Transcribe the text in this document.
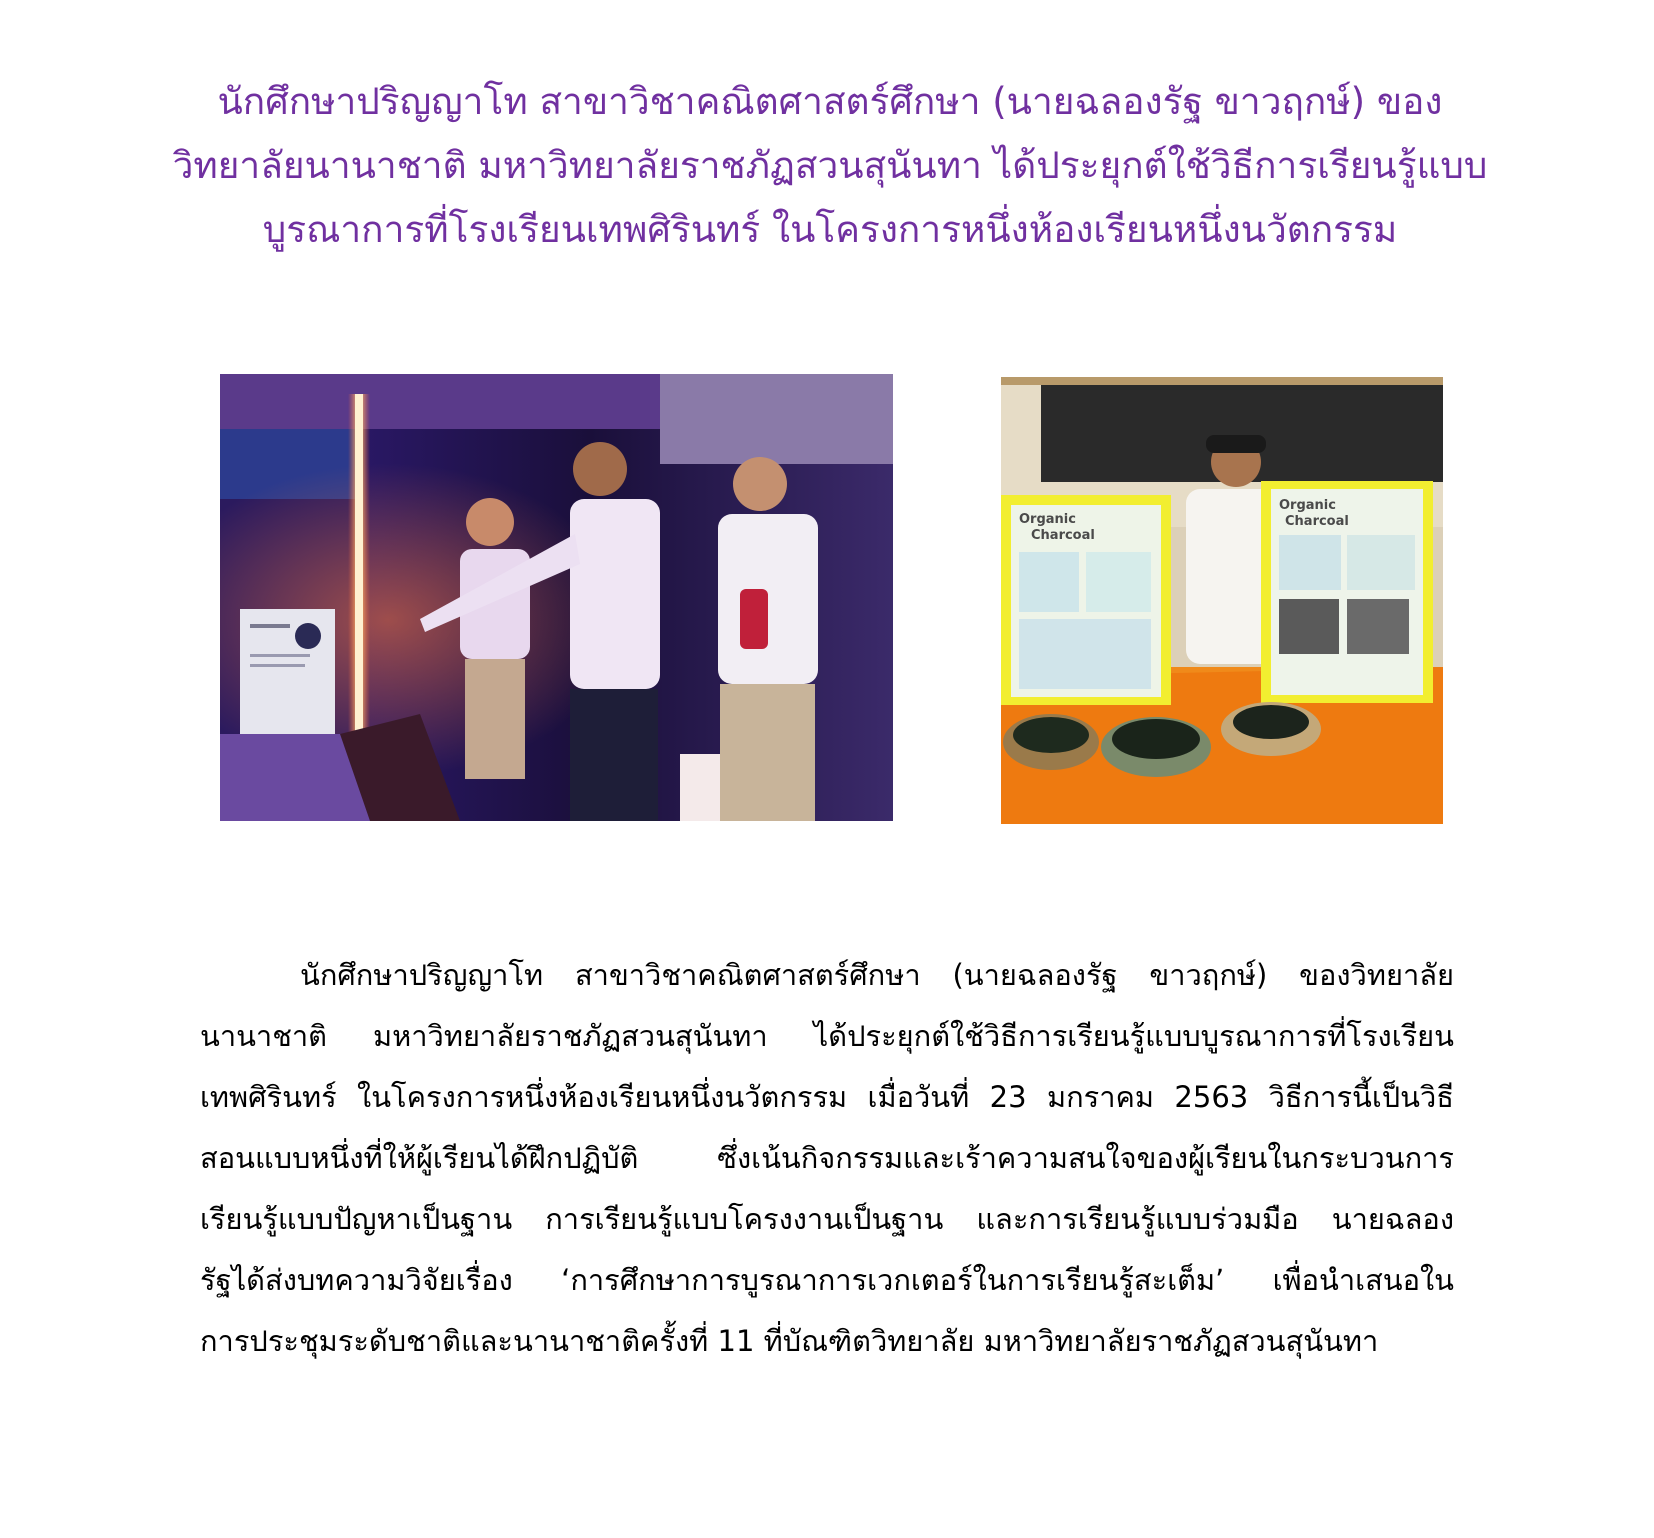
นักศึกษาปริญญาโท สาขาวิชาคณิตศาสตร์ศึกษา (นายฉลองรัฐ ขาวฤกษ์) ของ
วิทยาลัยนานาชาติ มหาวิทยาลัยราชภัฏสวนสุนันทา ได้ประยุกต์ใช้วิธีการเรียนรู้แบบ
บูรณาการที่โรงเรียนเทพศิรินทร์ ในโครงการหนึ่งห้องเรียนหนึ่งนวัตกรรม
Organic
Charcoal
Organic
Charcoal
นักศึกษาปริญญาโท สาขาวิชาคณิตศาสตร์ศึกษา (นายฉลองรัฐ ขาวฤกษ์) ของวิทยาลัย
นานาชาติ มหาวิทยาลัยราชภัฏสวนสุนันทา ได้ประยุกต์ใช้วิธีการเรียนรู้แบบบูรณาการที่โรงเรียน
เทพศิรินทร์ ในโครงการหนึ่งห้องเรียนหนึ่งนวัตกรรม เมื่อวันที่ 23 มกราคม 2563 วิธีการนี้เป็นวิธี
สอนแบบหนึ่งที่ให้ผู้เรียนได้ฝึกปฏิบัติ ซึ่งเน้นกิจกรรมและเร้าความสนใจของผู้เรียนในกระบวนการ
เรียนรู้แบบปัญหาเป็นฐาน การเรียนรู้แบบโครงงานเป็นฐาน และการเรียนรู้แบบร่วมมือ นายฉลอง
รัฐได้ส่งบทความวิจัยเรื่อง ‘การศึกษาการบูรณาการเวกเตอร์ในการเรียนรู้สะเต็ม’ เพื่อนำเสนอใน
การประชุมระดับชาติและนานาชาติครั้งที่ 11 ที่บัณฑิตวิทยาลัย มหาวิทยาลัยราชภัฏสวนสุนันทา
